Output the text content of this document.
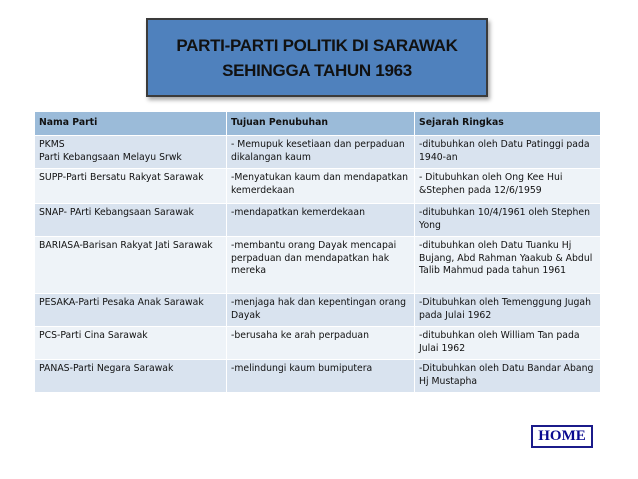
PARTI-PARTI POLITIK DI SARAWAK
SEHINGGA TAHUN 1963
Nama Parti	Tujuan Penubuhan	Sejarah Ringkas
PKMS
Parti Kebangsaan Melayu Srwk	- Memupuk kesetiaan dan perpaduan dikalangan kaum	-ditubuhkan oleh Datu Patinggi pada 1940-an
SUPP-Parti Bersatu Rakyat Sarawak	-Menyatukan kaum dan mendapatkan kemerdekaan	- Ditubuhkan oleh Ong Kee Hui &Stephen pada 12/6/1959
SNAP- PArti Kebangsaan Sarawak	-mendapatkan kemerdekaan	-ditubuhkan 10/4/1961 oleh Stephen Yong
BARIASA-Barisan Rakyat Jati Sarawak	-membantu orang Dayak mencapai perpaduan dan mendapatkan hak mereka	-ditubuhkan oleh Datu Tuanku Hj Bujang, Abd Rahman Yaakub & Abdul Talib Mahmud pada tahun 1961
PESAKA-Parti Pesaka Anak Sarawak	-menjaga hak dan kepentingan orang Dayak	-Ditubuhkan oleh Temenggung Jugah pada Julai 1962
PCS-Parti Cina Sarawak	-berusaha ke arah perpaduan	-ditubuhkan oleh William Tan pada Julai 1962
PANAS-Parti Negara Sarawak	-melindungi kaum bumiputera	-Ditubuhkan oleh Datu Bandar Abang Hj Mustapha
HOME
